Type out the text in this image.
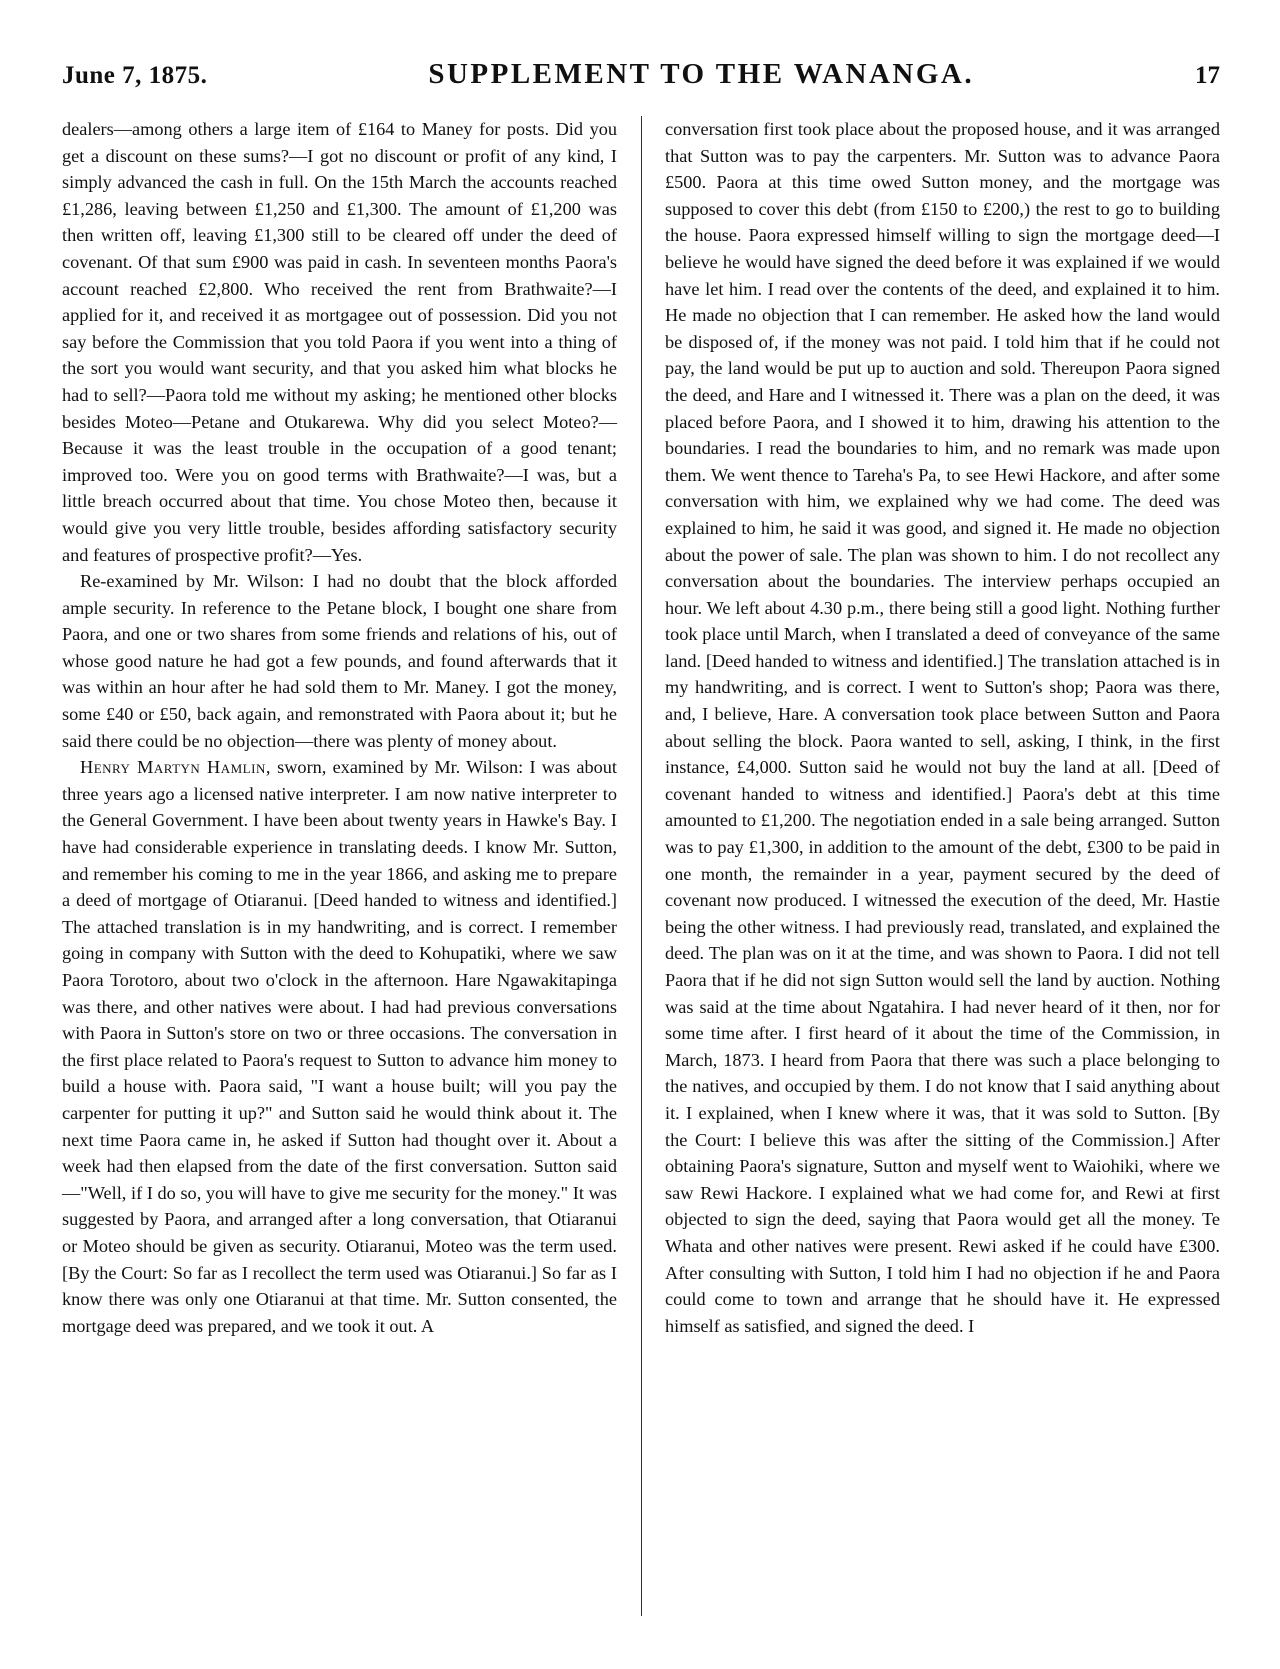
June 7, 1875.	SUPPLEMENT TO THE WANANGA.	17

dealers—among others a large item of £164 to Maney for posts. Did you get a discount on these sums?—I got no discount or profit of any kind, I simply advanced the cash in full. On the 15th March the accounts reached £1,286, leaving between £1,250 and £1,300. The amount of £1,200 was then written off, leaving £1,300 still to be cleared off under the deed of covenant. Of that sum £900 was paid in cash. In seventeen months Paora's account reached £2,800. Who received the rent from Brathwaite?—I applied for it, and received it as mortgagee out of possession. Did you not say before the Commission that you told Paora if you went into a thing of the sort you would want security, and that you asked him what blocks he had to sell?—Paora told me without my asking; he mentioned other blocks besides Moteo—Petane and Otukarewa. Why did you select Moteo?—Because it was the least trouble in the occupation of a good tenant; improved too. Were you on good terms with Brathwaite?—I was, but a little breach occurred about that time. You chose Moteo then, because it would give you very little trouble, besides affording satisfactory security and features of prospective profit?—Yes.

Re-examined by Mr. Wilson: I had no doubt that the block afforded ample security. In reference to the Petane block, I bought one share from Paora, and one or two shares from some friends and relations of his, out of whose good nature he had got a few pounds, and found afterwards that it was within an hour after he had sold them to Mr. Maney. I got the money, some £40 or £50, back again, and remonstrated with Paora about it; but he said there could be no objection—there was plenty of money about.

Henry Martyn Hamlin, sworn, examined by Mr. Wilson: I was about three years ago a licensed native interpreter. I am now native interpreter to the General Government. I have been about twenty years in Hawke's Bay. I have had considerable experience in translating deeds. I know Mr. Sutton, and remember his coming to me in the year 1866, and asking me to prepare a deed of mortgage of Otiaranui. [Deed handed to witness and identified.] The attached translation is in my handwriting, and is correct. I remember going in company with Sutton with the deed to Kohupatiki, where we saw Paora Torotoro, about two o'clock in the afternoon. Hare Ngawakitapinga was there, and other natives were about. I had had previous conversations with Paora in Sutton's store on two or three occasions. The conversation in the first place related to Paora's request to Sutton to advance him money to build a house with. Paora said, "I want a house built; will you pay the carpenter for putting it up?" and Sutton said he would think about it. The next time Paora came in, he asked if Sutton had thought over it. About a week had then elapsed from the date of the first conversation. Sutton said—"Well, if I do so, you will have to give me security for the money." It was suggested by Paora, and arranged after a long conversation, that Otiaranui or Moteo should be given as security. Otiaranui, Moteo was the term used. [By the Court: So far as I recollect the term used was Otiaranui.] So far as I know there was only one Otiaranui at that time. Mr. Sutton consented, the mortgage deed was prepared, and we took it out. A

conversation first took place about the proposed house, and it was arranged that Sutton was to pay the carpenters. Mr. Sutton was to advance Paora £500. Paora at this time owed Sutton money, and the mortgage was supposed to cover this debt (from £150 to £200,) the rest to go to building the house. Paora expressed himself willing to sign the mortgage deed—I believe he would have signed the deed before it was explained if we would have let him. I read over the contents of the deed, and explained it to him. He made no objection that I can remember. He asked how the land would be disposed of, if the money was not paid. I told him that if he could not pay, the land would be put up to auction and sold. Thereupon Paora signed the deed, and Hare and I witnessed it. There was a plan on the deed, it was placed before Paora, and I showed it to him, drawing his attention to the boundaries. I read the boundaries to him, and no remark was made upon them. We went thence to Tareha's Pa, to see Hewi Hackore, and after some conversation with him, we explained why we had come. The deed was explained to him, he said it was good, and signed it. He made no objection about the power of sale. The plan was shown to him. I do not recollect any conversation about the boundaries. The interview perhaps occupied an hour. We left about 4.30 p.m., there being still a good light. Nothing further took place until March, when I translated a deed of conveyance of the same land. [Deed handed to witness and identified.] The translation attached is in my handwriting, and is correct. I went to Sutton's shop; Paora was there, and, I believe, Hare. A conversation took place between Sutton and Paora about selling the block. Paora wanted to sell, asking, I think, in the first instance, £4,000. Sutton said he would not buy the land at all. [Deed of covenant handed to witness and identified.] Paora's debt at this time amounted to £1,200. The negotiation ended in a sale being arranged. Sutton was to pay £1,300, in addition to the amount of the debt, £300 to be paid in one month, the remainder in a year, payment secured by the deed of covenant now produced. I witnessed the execution of the deed, Mr. Hastie being the other witness. I had previously read, translated, and explained the deed. The plan was on it at the time, and was shown to Paora. I did not tell Paora that if he did not sign Sutton would sell the land by auction. Nothing was said at the time about Ngatahira. I had never heard of it then, nor for some time after. I first heard of it about the time of the Commission, in March, 1873. I heard from Paora that there was such a place belonging to the natives, and occupied by them. I do not know that I said anything about it. I explained, when I knew where it was, that it was sold to Sutton. [By the Court: I believe this was after the sitting of the Commission.] After obtaining Paora's signature, Sutton and myself went to Waiohiki, where we saw Rewi Hackore. I explained what we had come for, and Rewi at first objected to sign the deed, saying that Paora would get all the money. Te Whata and other natives were present. Rewi asked if he could have £300. After consulting with Sutton, I told him I had no objection if he and Paora could come to town and arrange that he should have it. He expressed himself as satisfied, and signed the deed. I
